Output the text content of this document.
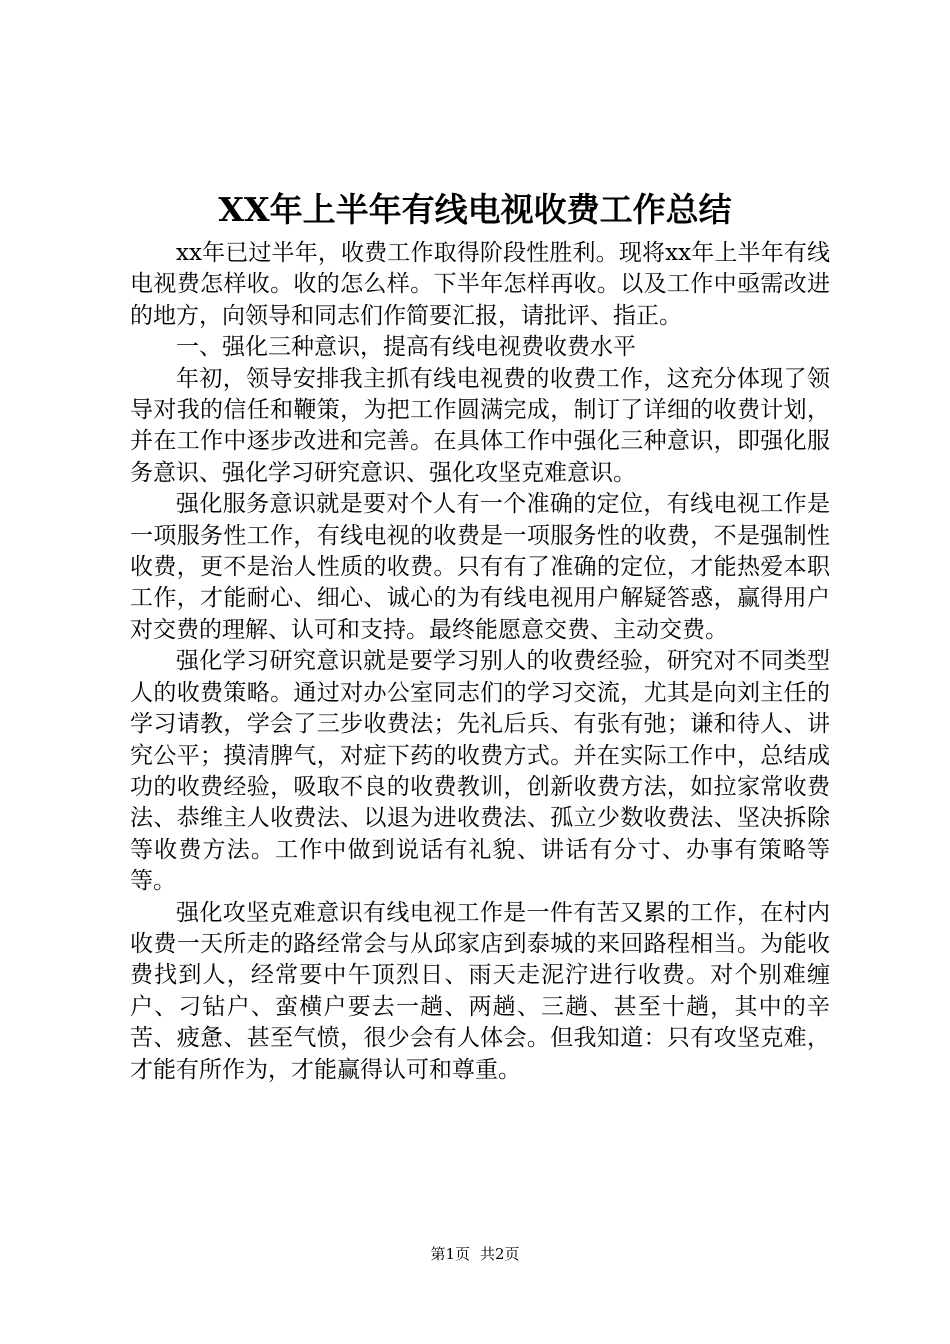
XX年上半年有线电视收费工作总结

xx年已过半年，收费工作取得阶段性胜利。现将xx年上半年有线电视费怎样收。收的怎么样。下半年怎样再收。以及工作中亟需改进的地方，向领导和同志们作简要汇报，请批评、指正。

一、强化三种意识，提高有线电视费收费水平

年初，领导安排我主抓有线电视费的收费工作，这充分体现了领导对我的信任和鞭策，为把工作圆满完成，制订了详细的收费计划，并在工作中逐步改进和完善。在具体工作中强化三种意识，即强化服务意识、强化学习研究意识、强化攻坚克难意识。

强化服务意识就是要对个人有一个准确的定位，有线电视工作是一项服务性工作，有线电视的收费是一项服务性的收费，不是强制性收费，更不是治人性质的收费。只有有了准确的定位，才能热爱本职工作，才能耐心、细心、诚心的为有线电视用户解疑答惑，赢得用户对交费的理解、认可和支持。最终能愿意交费、主动交费。

强化学习研究意识就是要学习别人的收费经验，研究对不同类型人的收费策略。通过对办公室同志们的学习交流，尤其是向刘主任的学习请教，学会了三步收费法；先礼后兵、有张有弛；谦和待人、讲究公平；摸清脾气，对症下药的收费方式。并在实际工作中，总结成功的收费经验，吸取不良的收费教训，创新收费方法，如拉家常收费法、恭维主人收费法、以退为进收费法、孤立少数收费法、坚决拆除等收费方法。工作中做到说话有礼貌、讲话有分寸、办事有策略等等。

强化攻坚克难意识有线电视工作是一件有苦又累的工作，在村内收费一天所走的路经常会与从邱家店到泰城的来回路程相当。为能收费找到人，经常要中午顶烈日、雨天走泥泞进行收费。对个别难缠户、刁钻户、蛮横户要去一趟、两趟、三趟、甚至十趟，其中的辛苦、疲惫、甚至气愤，很少会有人体会。但我知道：只有攻坚克难，才能有所作为，才能赢得认可和尊重。

第1页 共2页
